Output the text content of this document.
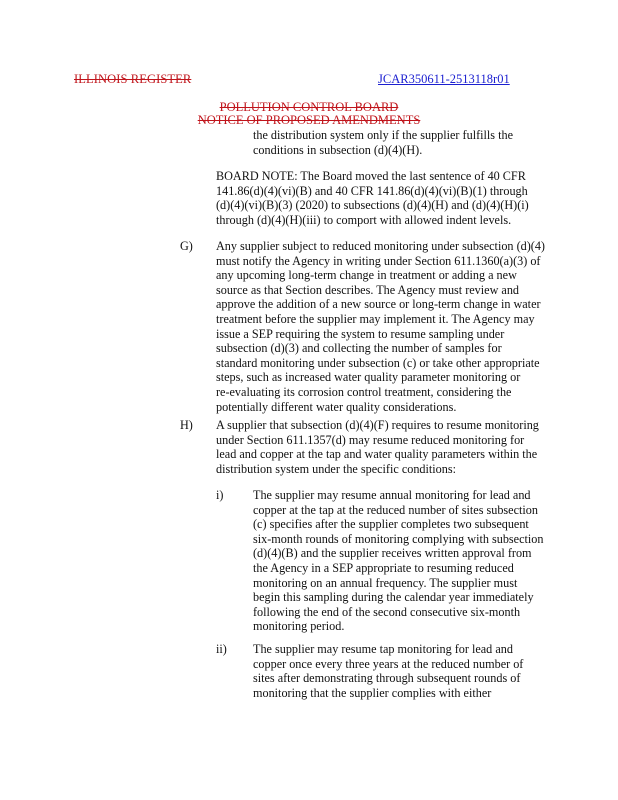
ILLINOIS REGISTER	JCAR350611-2513118r01
POLLUTION CONTROL BOARD
NOTICE OF PROPOSED AMENDMENTS
the distribution system only if the supplier fulfills the
conditions in subsection (d)(4)(H).
BOARD NOTE: The Board moved the last sentence of 40 CFR
141.86(d)(4)(vi)(B) and 40 CFR 141.86(d)(4)(vi)(B)(1) through
(d)(4)(vi)(B)(3) (2020) to subsections (d)(4)(H) and (d)(4)(H)(i)
through (d)(4)(H)(iii) to comport with allowed indent levels.
G) Any supplier subject to reduced monitoring under subsection (d)(4)
must notify the Agency in writing under Section 611.1360(a)(3) of
any upcoming long-term change in treatment or adding a new
source as that Section describes. The Agency must review and
approve the addition of a new source or long-term change in water
treatment before the supplier may implement it. The Agency may
issue a SEP requiring the system to resume sampling under
subsection (d)(3) and collecting the number of samples for
standard monitoring under subsection (c) or take other appropriate
steps, such as increased water quality parameter monitoring or
re-evaluating its corrosion control treatment, considering the
potentially different water quality considerations.
H) A supplier that subsection (d)(4)(F) requires to resume monitoring
under Section 611.1357(d) may resume reduced monitoring for
lead and copper at the tap and water quality parameters within the
distribution system under the specific conditions:
i) The supplier may resume annual monitoring for lead and
copper at the tap at the reduced number of sites subsection
(c) specifies after the supplier completes two subsequent
six-month rounds of monitoring complying with subsection
(d)(4)(B) and the supplier receives written approval from
the Agency in a SEP appropriate to resuming reduced
monitoring on an annual frequency. The supplier must
begin this sampling during the calendar year immediately
following the end of the second consecutive six-month
monitoring period.
ii) The supplier may resume tap monitoring for lead and
copper once every three years at the reduced number of
sites after demonstrating through subsequent rounds of
monitoring that the supplier complies with either
